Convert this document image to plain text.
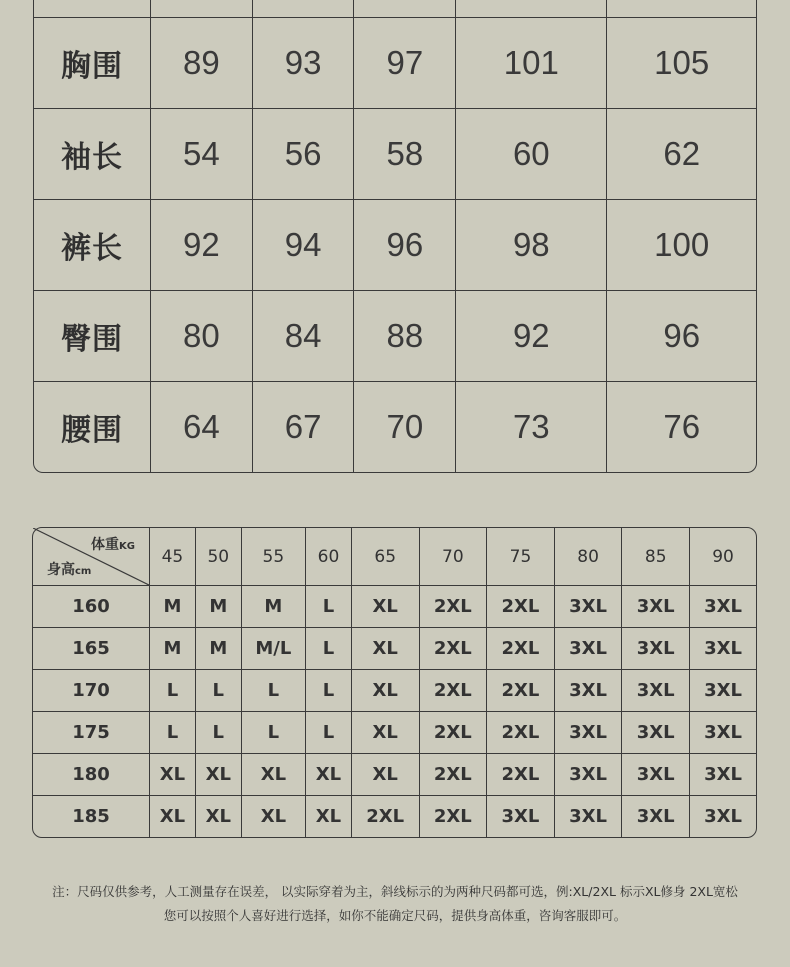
胸围	89	93	97	101	105
袖长	54	56	58	60	62
裤长	92	94	96	98	100
臀围	80	84	88	92	96
腰围	64	67	70	73	76
体重KG
身高cm	45	50	55	60	65	70	75	80	85	90
160	M	M	M	L	XL	2XL	2XL	3XL	3XL	3XL
165	M	M	M/L	L	XL	2XL	2XL	3XL	3XL	3XL
170	L	L	L	L	XL	2XL	2XL	3XL	3XL	3XL
175	L	L	L	L	XL	2XL	2XL	3XL	3XL	3XL
180	XL	XL	XL	XL	XL	2XL	2XL	3XL	3XL	3XL
185	XL	XL	XL	XL	2XL	2XL	3XL	3XL	3XL	3XL
注：尺码仅供参考，人工测量存在误差， 以实际穿着为主，斜线标示的为两种尺码都可选，例:XL/2XL 标示XL修身 2XL宽松
您可以按照个人喜好进行选择，如你不能确定尺码，提供身高体重，咨询客服即可。
